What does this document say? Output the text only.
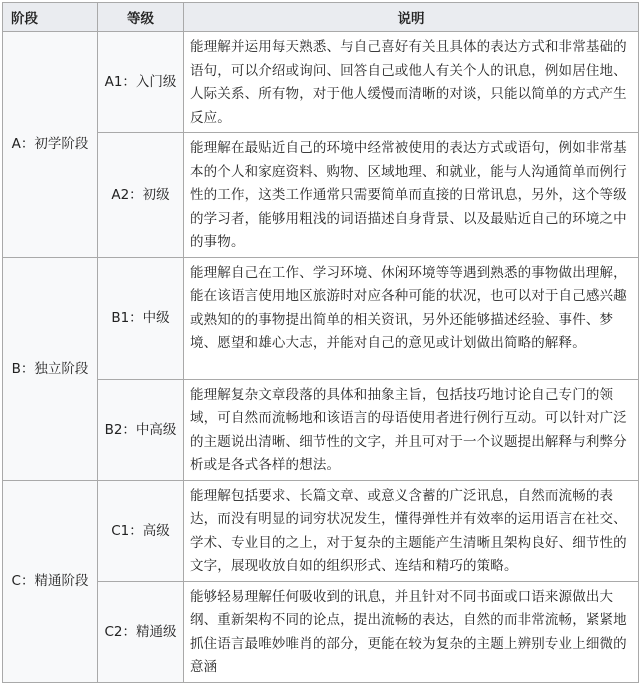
阶段	等级	说明
A：初学阶段	A1：入门级	能理解并运用每天熟悉、与自己喜好有关且具体的表达方式和非常基础的语句，可以介绍或询问、回答自己或他人有关个人的讯息，例如居住地、人际关系、所有物，对于他人缓慢而清晰的对谈，只能以简单的方式产生反应。
	A2：初级	能理解在最贴近自己的环境中经常被使用的表达方式或语句，例如非常基本的个人和家庭资料、购物、区域地理、和就业，能与人沟通简单而例行性的工作，这类工作通常只需要简单而直接的日常讯息，另外，这个等级的学习者，能够用粗浅的词语描述自身背景、以及最贴近自己的环境之中的事物。
B：独立阶段	B1：中级	能理解自己在工作、学习环境、休闲环境等等遇到熟悉的事物做出理解，能在该语言使用地区旅游时对应各种可能的状况，也可以对于自己感兴趣或熟知的的事物提出简单的相关资讯，另外还能够描述经验、事件、梦境、愿望和雄心大志，并能对自己的意见或计划做出简略的解释。
	B2：中高级	能理解复杂文章段落的具体和抽象主旨，包括技巧地讨论自己专门的领域，可自然而流畅地和该语言的母语使用者进行例行互动。可以针对广泛的主题说出清晰、细节性的文字，并且可对于一个议题提出解释与利弊分析或是各式各样的想法。
C：精通阶段	C1：高级	能理解包括要求、长篇文章、或意义含蓄的广泛讯息，自然而流畅的表达，而没有明显的词穷状况发生，懂得弹性并有效率的运用语言在社交、学术、专业目的之上，对于复杂的主题能产生清晰且架构良好、细节性的文字，展现收放自如的组织形式、连结和精巧的策略。
	C2：精通级	能够轻易理解任何吸收到的讯息，并且针对不同书面或口语来源做出大纲、重新架构不同的论点，提出流畅的表达，自然的而非常流畅，紧紧地抓住语言最唯妙唯肖的部分，更能在较为复杂的主题上辨别专业上细微的意涵
